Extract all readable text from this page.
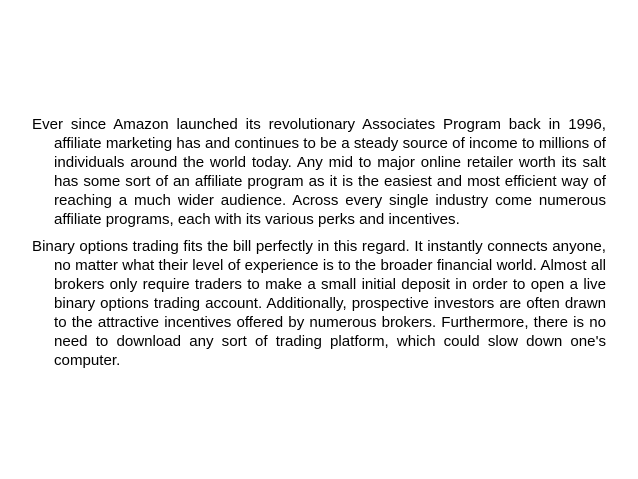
Ever since Amazon launched its revolutionary Associates Program back in 1996, affiliate marketing has and continues to be a steady source of income to millions of individuals around the world today. Any mid to major online retailer worth its salt has some sort of an affiliate program as it is the easiest and most efficient way of reaching a much wider audience. Across every single industry come numerous affiliate programs, each with its various perks and incentives.

Binary options trading fits the bill perfectly in this regard. It instantly connects anyone, no matter what their level of experience is to the broader financial world. Almost all brokers only require traders to make a small initial deposit in order to open a live binary options trading account. Additionally, prospective investors are often drawn to the attractive incentives offered by numerous brokers. Furthermore, there is no need to download any sort of trading platform, which could slow down one's computer.
